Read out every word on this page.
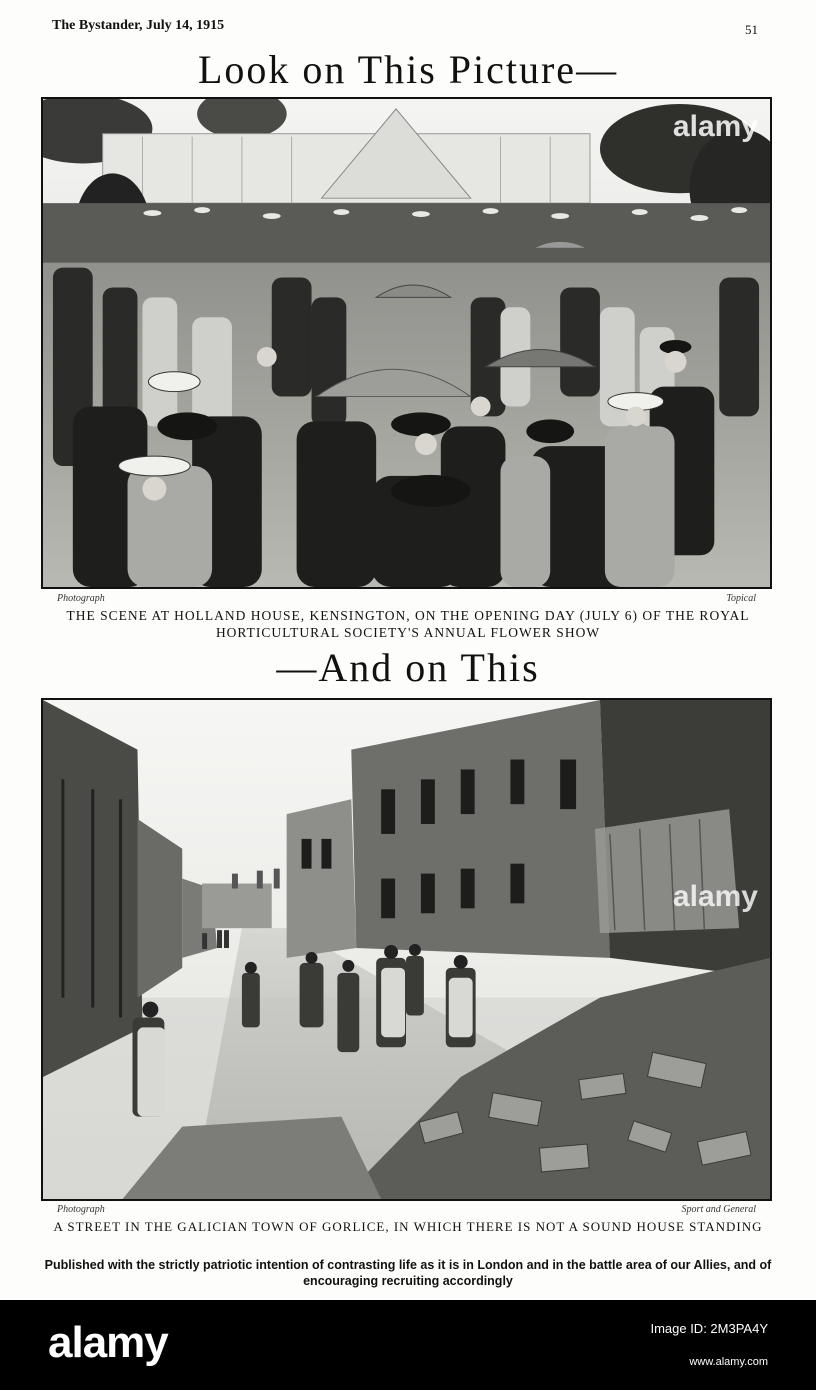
The Bystander, July 14, 1915	51
Look on This Picture—
Photograph	Topical
THE SCENE AT HOLLAND HOUSE, KENSINGTON, ON THE OPENING DAY (JULY 6) OF THE ROYAL HORTICULTURAL SOCIETY'S ANNUAL FLOWER SHOW
—And on This
Photograph	Sport and General
A STREET IN THE GALICIAN TOWN OF GORLICE, IN WHICH THERE IS NOT A SOUND HOUSE STANDING
Published with the strictly patriotic intention of contrasting life as it is in London and in the battle area of our Allies, and of encouraging recruiting accordingly
alamy
alamy
alamy	Image ID: 2M3PA4Y
www.alamy.com
